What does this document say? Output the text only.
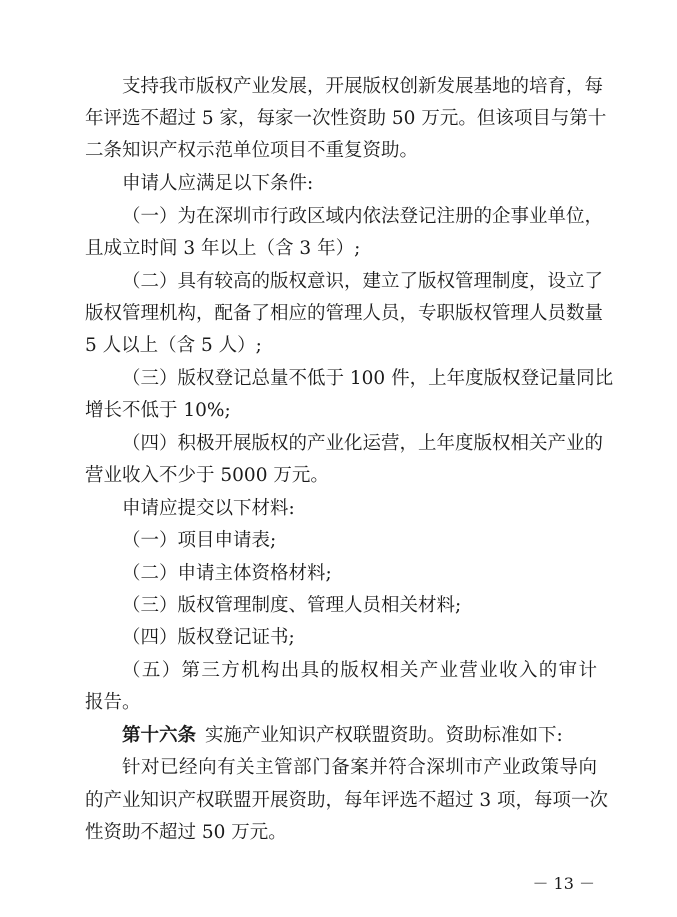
支持我市版权产业发展，开展版权创新发展基地的培育，每
年评选不超过 5 家，每家一次性资助 50 万元。但该项目与第十
二条知识产权示范单位项目不重复资助。
申请人应满足以下条件:
（一）为在深圳市行政区域内依法登记注册的企事业单位，
且成立时间 3 年以上（含 3 年）;
（二）具有较高的版权意识，建立了版权管理制度，设立了
版权管理机构，配备了相应的管理人员，专职版权管理人员数量
5 人以上（含 5 人）;
（三）版权登记总量不低于 100 件，上年度版权登记量同比
增长不低于 10%;
（四）积极开展版权的产业化运营，上年度版权相关产业的
营业收入不少于 5000 万元。
申请应提交以下材料:
（一）项目申请表;
（二）申请主体资格材料;
（三）版权管理制度、管理人员相关材料;
（四）版权登记证书;
（五）第三方机构出具的版权相关产业营业收入的审计
报告。
第十六条 实施产业知识产权联盟资助。资助标准如下:
针对已经向有关主管部门备案并符合深圳市产业政策导向
的产业知识产权联盟开展资助，每年评选不超过 3 项，每项一次
性资助不超过 50 万元。
－ 13 －
